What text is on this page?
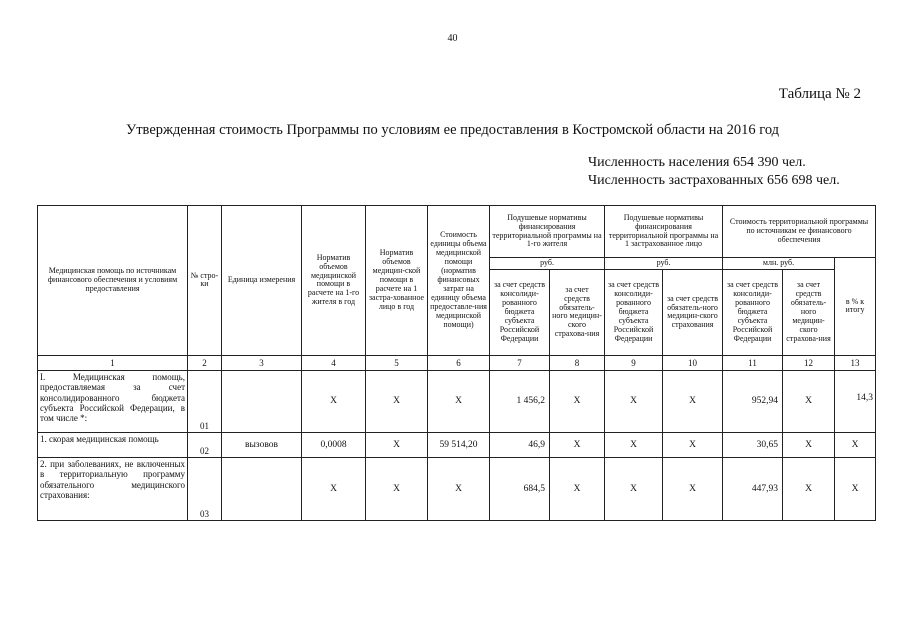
40
Таблица № 2
Утвержденная стоимость Программы по условиям ее предоставления в Костромской области на 2016 год
Численность населения 654 390 чел.
Численность застрахованных 656 698 чел.
Медицинская помощь по источникам финансового обеспечения и условиям предоставления	№ стро-ки	Единица измерения	Норматив объемов медицинской помощи в расчете на 1-го жителя в год	Норматив объемов медицин-ской помощи в расчете на 1 застра-хованное лицо в год	Стоимость единицы объема медицинской помощи (норматив финансовых затрат на единицу объема предоставле-ния медицинской помощи)	Подушевые нормативы финансирования территориальной программы на 1-го жителя		Подушевые нормативы финансирования территориальной программы на 1 застрахованное лицо		Стоимость территориальной программы по источникам ее финансового обеспечения		
						руб.		руб.		млн. руб.		в % к итогу
						за счет средств консолиди-рованного бюджета субъекта Российской Федерации	за счет средств обязатель-ного медицин-ского страхова-ния	за счет средств консолиди-рованного бюджета субъекта Российской Федерации	за счет средств обязатель-ного медицин-ского страхования	за счет средств консолиди-рованного бюджета субъекта Российской Федерации	за счет средств обязатель-ного медицин-ского страхова-ния	
1	2	3	4	5	6	7	8	9	10	11	12	13
I. Медицинская помощь, предоставляемая за счет консолидированного бюджета субъекта Российской Федерации, в том числе *:	01		X	X	X	1 456,2	X	X	X	952,94	X	14,3
1. скорая медицинская помощь	02	вызовов	0,0008	X	59 514,20	46,9	X	X	X	30,65	X	X
2. при заболеваниях, не включенных в территориальную программу обязательного медицинского страхования:	03		X	X	X	684,5	X	X	X	447,93	X	X
